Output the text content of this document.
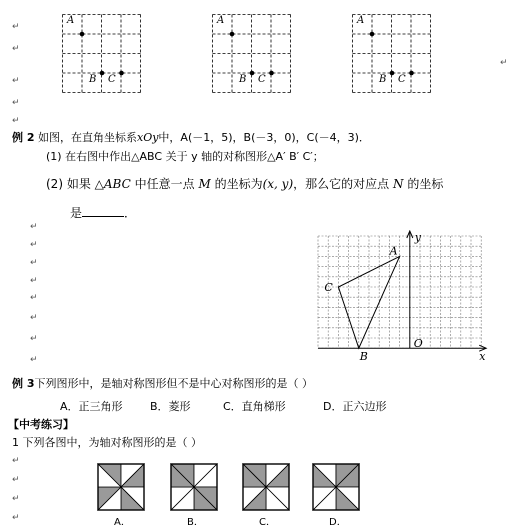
↵
↵
↵
↵
↵
↵
↵
↵
↵
↵
↵
↵
↵
↵
↵
↵
↵
↵
A
B C
A
B C
A
B C
例 2 如图，在直角坐标系xOy中，A(－1，5)，B(－3，0)，C(－4，3)．
(1) 在右图中作出△ABC 关于 y 轴的对称图形△A′ B′ C′；
(2) 如果 △ABC 中任意一点 M 的坐标为(x, y)，那么它的对应点 N 的坐标
是	．
A
C
B
O
y
x
例 3下列图形中，是轴对称图形但不是中心对称图形的是（ ）
A．正三角形 B．菱形	C．直角梯形	D．正六边形
【中考练习】
1 下列各图中，为轴对称图形的是（ ）
A．	B．	C．	D．
